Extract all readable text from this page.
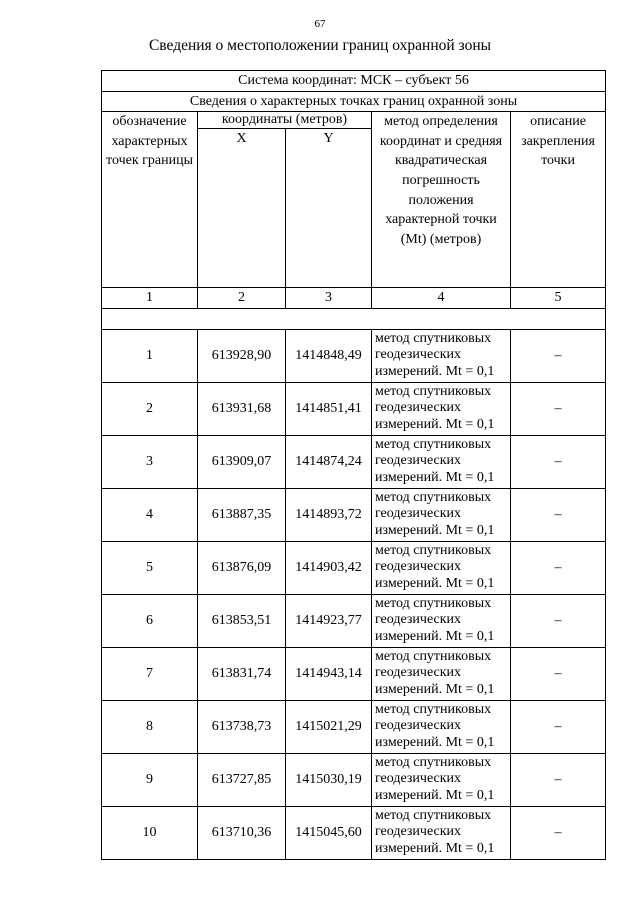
67
Сведения о местоположении границ охранной зоны
Система координат: МСК – субъект 56				
Сведения о характерных точках границ охранной зоны				
обозначение характерных точек границы	координаты (метров)		метод определения координат и средняя квадратическая погрешность положения характерной точки (Mt) (метров)	описание закрепления точки
	X	Y		
1	2	3	4	5

1	613928,90	1414848,49	метод спутниковых геодезических измерений. Mt = 0,1	–
2	613931,68	1414851,41	метод спутниковых геодезических измерений. Mt = 0,1	–
3	613909,07	1414874,24	метод спутниковых геодезических измерений. Mt = 0,1	–
4	613887,35	1414893,72	метод спутниковых геодезических измерений. Mt = 0,1	–
5	613876,09	1414903,42	метод спутниковых геодезических измерений. Mt = 0,1	–
6	613853,51	1414923,77	метод спутниковых геодезических измерений. Mt = 0,1	–
7	613831,74	1414943,14	метод спутниковых геодезических измерений. Mt = 0,1	–
8	613738,73	1415021,29	метод спутниковых геодезических измерений. Mt = 0,1	–
9	613727,85	1415030,19	метод спутниковых геодезических измерений. Mt = 0,1	–
10	613710,36	1415045,60	метод спутниковых геодезических измерений. Mt = 0,1	–
